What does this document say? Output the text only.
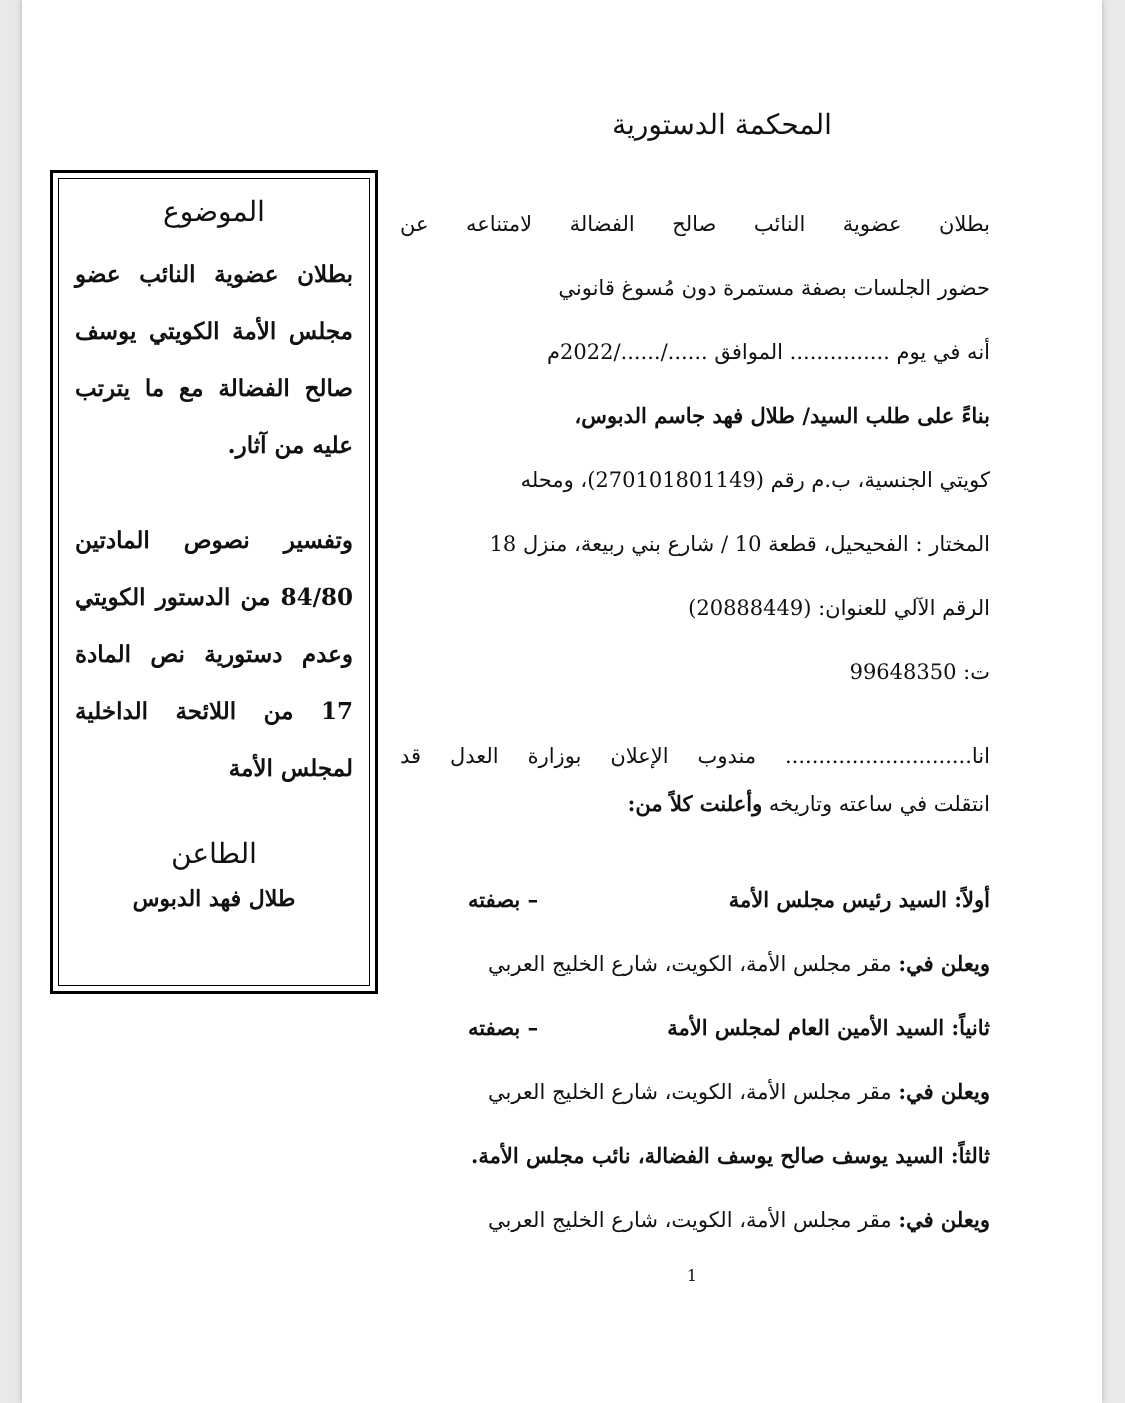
المحكمة الدستورية
الموضوع

بطلان عضوية النائب عضو مجلس الأمة الكويتي يوسف صالح الفضالة مع ما يترتب عليه من آثار.

وتفسير نصوص المادتين 84/80 من الدستور الكويتي وعدم دستورية نص المادة 17 من اللائحة الداخلية لمجلس الأمة

الطاعن
طلال فهد الدبوس
بطلان عضوية النائب صالح الفضالة لامتناعه عن
حضور الجلسات بصفة مستمرة دون مُسوغ قانوني
أنه في يوم ............... الموافق ....../....../2022م
بناءً على طلب السيد/ طلال فهد جاسم الدبوس،
كويتي الجنسية، ب.م رقم (270101801149)، ومحله
المختار : الفحيحيل، قطعة 10 / شارع بني ربيعة، منزل 18
الرقم الآلي للعنوان: (20888449)
ت: 99648350
انا............................ مندوب الإعلان بوزارة العدل قد
انتقلت في ساعته وتاريخه وأعلنت كلاً من:
أولاً: السيد رئيس مجلس الأمة
– بصفته
ويعلن في: مقر مجلس الأمة، الكويت، شارع الخليج العربي
ثانياً: السيد الأمين العام لمجلس الأمة
– بصفته
ويعلن في: مقر مجلس الأمة، الكويت، شارع الخليج العربي
ثالثاً: السيد يوسف صالح يوسف الفضالة، نائب مجلس الأمة.
ويعلن في: مقر مجلس الأمة، الكويت، شارع الخليج العربي
1
